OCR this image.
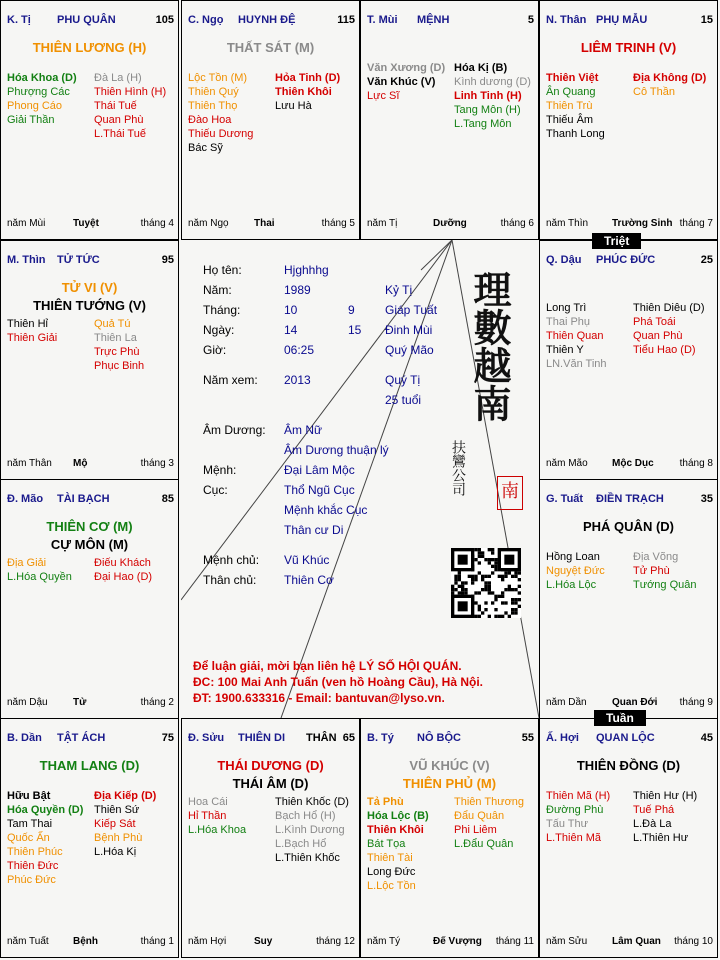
K. Tị PHU QUÂN	105
THIÊN LƯƠNG (H)
Hóa Khoa (D)
Phượng Các
Phong Cáo
Giải Thần
Đà La (H)
Thiên Hình (H)
Thái Tuế
Quan Phù
L.Thái Tuế
năm Mùi	Tuyệt	tháng 4
C. Ngọ HUYNH ĐỆ	115
THẤT SÁT (M)
Lộc Tồn (M)
Thiên Quý
Thiên Thọ
Đào Hoa
Thiếu Dương
Bác Sỹ
Hỏa Tinh (D)
Thiên Khôi
Lưu Hà
năm Ngọ	Thai	tháng 5
T. Mùi MỆNH	5
Văn Xương (D)
Văn Khúc (V)
Lực Sĩ
Hóa Kị (B)
Kình dương (D)
Linh Tinh (H)
Tang Môn (H)
L.Tang Môn
năm Tị	Dưỡng	tháng 6
N. Thân PHỤ MẪU	15
LIÊM TRINH (V)
Thiên Việt
Ân Quang
Thiên Trù
Thiếu Âm
Thanh Long
Địa Không (D)
Cô Thần
năm Thìn Trường Sinh tháng 7
M. Thìn TỬ TỨC	95
TỬ VI (V)
THIÊN TƯỚNG (V)
Thiên Hỉ
Thiên Giải
Quả Tú
Thiên La
Trực Phù
Phục Binh
năm Thân Mộ	tháng 3
Q. Dậu PHÚC ĐỨC	25
Long Trì
Thai Phụ
Thiên Quan
Thiên Y
LN.Văn Tinh
Thiên Diêu (D)
Phá Toái
Quan Phù
Tiểu Hao (D)
năm Mão Mộc Dục	tháng 8
Đ. Mão TÀI BẠCH	85
THIÊN CƠ (M)
CỰ MÔN (M)
Địa Giải
L.Hóa Quyền
Điếu Khách
Đại Hao (D)
năm Dậu	Tử	tháng 2
G. Tuất ĐIỀN TRẠCH	35
PHÁ QUÂN (D)
Hồng Loan
Nguyệt Đức
L.Hóa Lộc
Địa Võng
Tử Phù
Tướng Quân
năm Dần	Quan Đới tháng 9
B. Dần TẬT ÁCH	75
THAM LANG (D)
Hữu Bật
Hóa Quyền (D)
Tam Thai
Quốc Ấn
Thiên Phúc
Thiên Đức
Phúc Đức
Địa Kiếp (D)
Thiên Sứ
Kiếp Sát
Bệnh Phù
L.Hóa Kị
năm Tuất Bệnh	tháng 1
Đ. Sửu THIÊN DI THÂN 65
THÁI DƯƠNG (D)
THÁI ÂM (D)
Hoa Cái
Hỉ Thần
L.Hóa Khoa
Thiên Khốc (D)
Bạch Hổ (H)
L.Kình Dương
L.Bạch Hổ
L.Thiên Khốc
năm Hợi	Suy	tháng 12
B. Tý NÔ BỘC	55
VŨ KHÚC (V)
THIÊN PHỦ (M)
Tả Phù
Hóa Lộc (B)
Thiên Khôi
Bát Tọa
Thiên Tài
Long Đức
L.Lộc Tồn
Thiên Thương
Đẩu Quân
Phi Liêm
L.Đẩu Quân
năm Tý	Đế Vượng tháng 11
Ấ. Hợi QUAN LỘC	45
THIÊN ĐỒNG (D)
Thiên Mã (H)
Đường Phù
Tấu Thư
L.Thiên Mã
Thiên Hư (H)
Tuế Phá
L.Đà La
L.Thiên Hư
năm Sửu Lâm Quan tháng 10
Họ tên:	Hjghhhg
Năm:	1989	Kỷ Tị
Tháng:	10	9	Giáp Tuất
Ngày:	14	15 Đinh Mùi
Giờ:	06:25	Quý Mão
Năm xem: 2013	Quý Tị
25 tuổi
Âm Dương: Âm Nữ
Âm Dương thuận lý
Mệnh:	Đại Lâm Mộc
Cục:	Thổ Ngũ Cục
Mệnh khắc Cục
Thân cư Di
Mệnh chủ: Vũ Khúc
Thân chủ: Thiên Cơ
理數越南
扶鸞公司 南
Để luận giải, mời bạn liên hệ LÝ SỐ HỘI QUÁN.
ĐC: 100 Mai Anh Tuấn (ven hồ Hoàng Cầu), Hà Nội.
ĐT: 1900.633316 - Email: bantuvan@lyso.vn.
Triệt
Tuần
